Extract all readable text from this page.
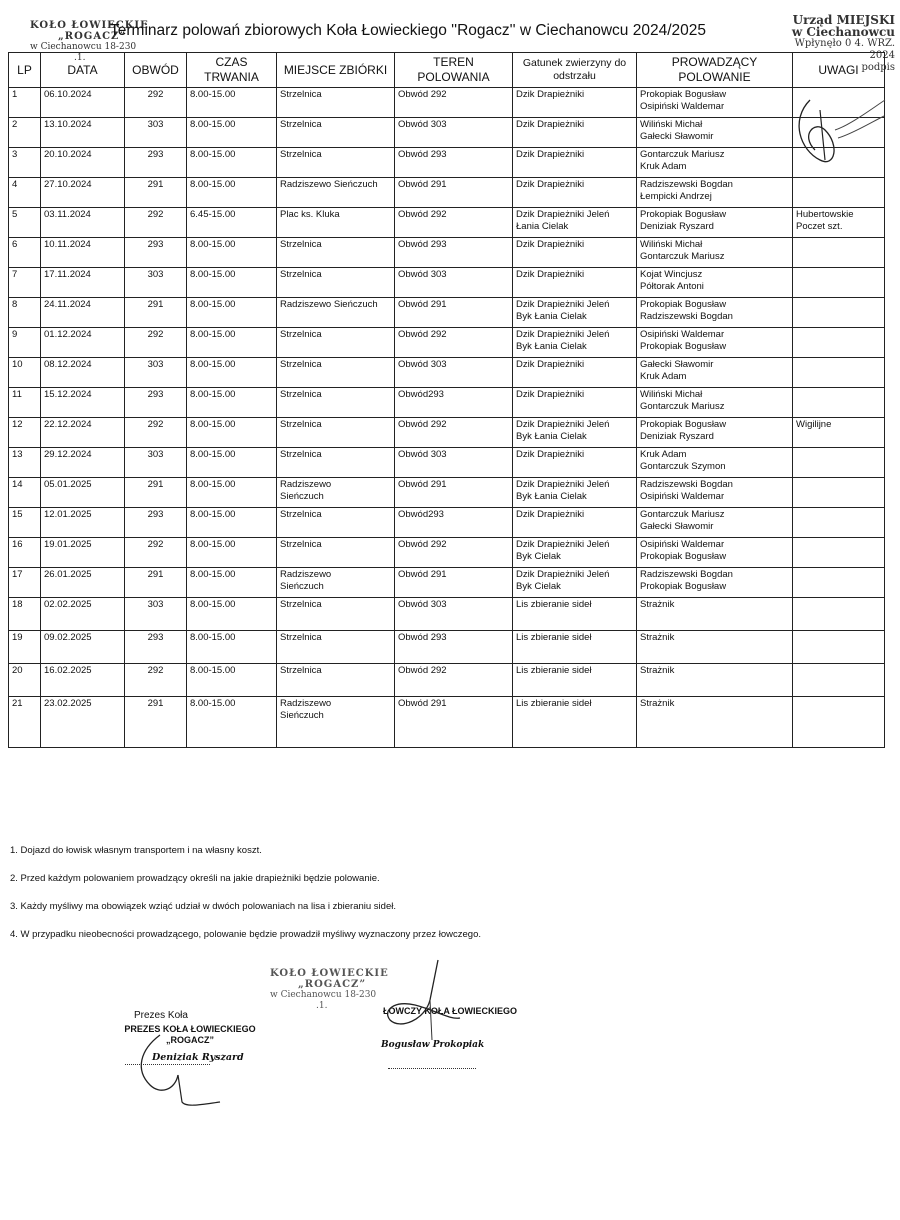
KOŁO ŁOWIECKIE
„ROGACZ”
w Ciechanowcu 18-230
.1.
Terminarz polowań zbiorowych Koła Łowieckiego ''Rogacz'' w Ciechanowcu 2024/2025
Urząd MIEJSKI
w Ciechanowcu
Wpłynęło 0 4. WRZ. 2024
podpis
LP	DATA	OBWÓD	CZAS TRWANIA	MIEJSCE ZBIÓRKI	TEREN POLOWANIA	Gatunek zwierzyny do odstrzału	PROWADZĄCY POLOWANIE	UWAGI
1	06.10.2024	292	8.00-15.00	Strzelnica	Obwód 292	Dzik Drapieżniki	Prokopiak Bogusław
Osipiński Waldemar	
2	13.10.2024	303	8.00-15.00	Strzelnica	Obwód 303	Dzik Drapieżniki	Wiliński Michał
Gałecki Sławomir	
3	20.10.2024	293	8.00-15.00	Strzelnica	Obwód 293	Dzik Drapieżniki	Gontarczuk Mariusz
Kruk Adam	
4	27.10.2024	291	8.00-15.00	Radziszewo Sieńczuch	Obwód 291	Dzik Drapieżniki	Radziszewski Bogdan
Łempicki Andrzej	
5	03.11.2024	292	6.45-15.00	Plac ks. Kluka	Obwód 292	Dzik Drapieżniki Jeleń
Łania Cielak	Prokopiak Bogusław
Deniziak Ryszard	Hubertowskie
Poczet szt.
6	10.11.2024	293	8.00-15.00	Strzelnica	Obwód 293	Dzik Drapieżniki	Wiliński Michał
Gontarczuk Mariusz	
7	17.11.2024	303	8.00-15.00	Strzelnica	Obwód 303	Dzik Drapieżniki	Kojat Wincjusz
Półtorak Antoni	
8	24.11.2024	291	8.00-15.00	Radziszewo Sieńczuch	Obwód 291	Dzik Drapieżniki Jeleń
Byk Łania Cielak	Prokopiak Bogusław
Radziszewski Bogdan	
9	01.12.2024	292	8.00-15.00	Strzelnica	Obwód 292	Dzik Drapieżniki Jeleń
Byk Łania Cielak	Osipiński Waldemar
Prokopiak Bogusław	
10	08.12.2024	303	8.00-15.00	Strzelnica	Obwód 303	Dzik Drapieżniki	Gałecki Sławomir
Kruk Adam	
11	15.12.2024	293	8.00-15.00	Strzelnica	Obwód293	Dzik Drapieżniki	Wiliński Michał
Gontarczuk Mariusz	
12	22.12.2024	292	8.00-15.00	Strzelnica	Obwód 292	Dzik Drapieżniki Jeleń
Byk Łania Cielak	Prokopiak Bogusław
Deniziak Ryszard	Wigilijne
13	29.12.2024	303	8.00-15.00	Strzelnica	Obwód 303	Dzik Drapieżniki	Kruk Adam
Gontarczuk Szymon	
14	05.01.2025	291	8.00-15.00	Radziszewo
Sieńczuch	Obwód 291	Dzik Drapieżniki Jeleń
Byk Łania Cielak	Radziszewski Bogdan
Osipiński Waldemar	
15	12.01.2025	293	8.00-15.00	Strzelnica	Obwód293	Dzik Drapieżniki	Gontarczuk Mariusz
Gałecki Sławomir	
16	19.01.2025	292	8.00-15.00	Strzelnica	Obwód 292	Dzik Drapieżniki Jeleń
Byk Cielak	Osipiński Waldemar
Prokopiak Bogusław	
17	26.01.2025	291	8.00-15.00	Radziszewo
Sieńczuch	Obwód 291	Dzik Drapieżniki Jeleń
Byk Cielak	Radziszewski Bogdan
Prokopiak Bogusław	
18	02.02.2025	303	8.00-15.00	Strzelnica	Obwód 303	Lis zbieranie sideł	Strażnik	
19	09.02.2025	293	8.00-15.00	Strzelnica	Obwód 293	Lis zbieranie sideł	Strażnik	
20	16.02.2025	292	8.00-15.00	Strzelnica	Obwód 292	Lis zbieranie sideł	Strażnik	
21	23.02.2025	291	8.00-15.00	Radziszewo
Sieńczuch	Obwód 291	Lis zbieranie sideł	Strażnik	

1. Dojazd do łowisk własnym transportem i na własny koszt.

2. Przed każdym polowaniem prowadzący określi na jakie drapieżniki będzie polowanie.

3. Każdy myśliwy ma obowiązek wziąć udział w dwóch polowaniach na lisa i zbieraniu sideł.

4. W przypadku nieobecności prowadzącego, polowanie będzie prowadził myśliwy wyznaczony przez łowczego.

KOŁO ŁOWIECKIE
„ROGACZ”
w Ciechanowcu 18-230
.1.
Prezes Koła
PREZES KOŁA ŁOWIECKIEGO
„ROGACZ”
Deniziak Ryszard
ŁOWCZY KOŁA ŁOWIECKIEGO
Bogusław Prokopiak
